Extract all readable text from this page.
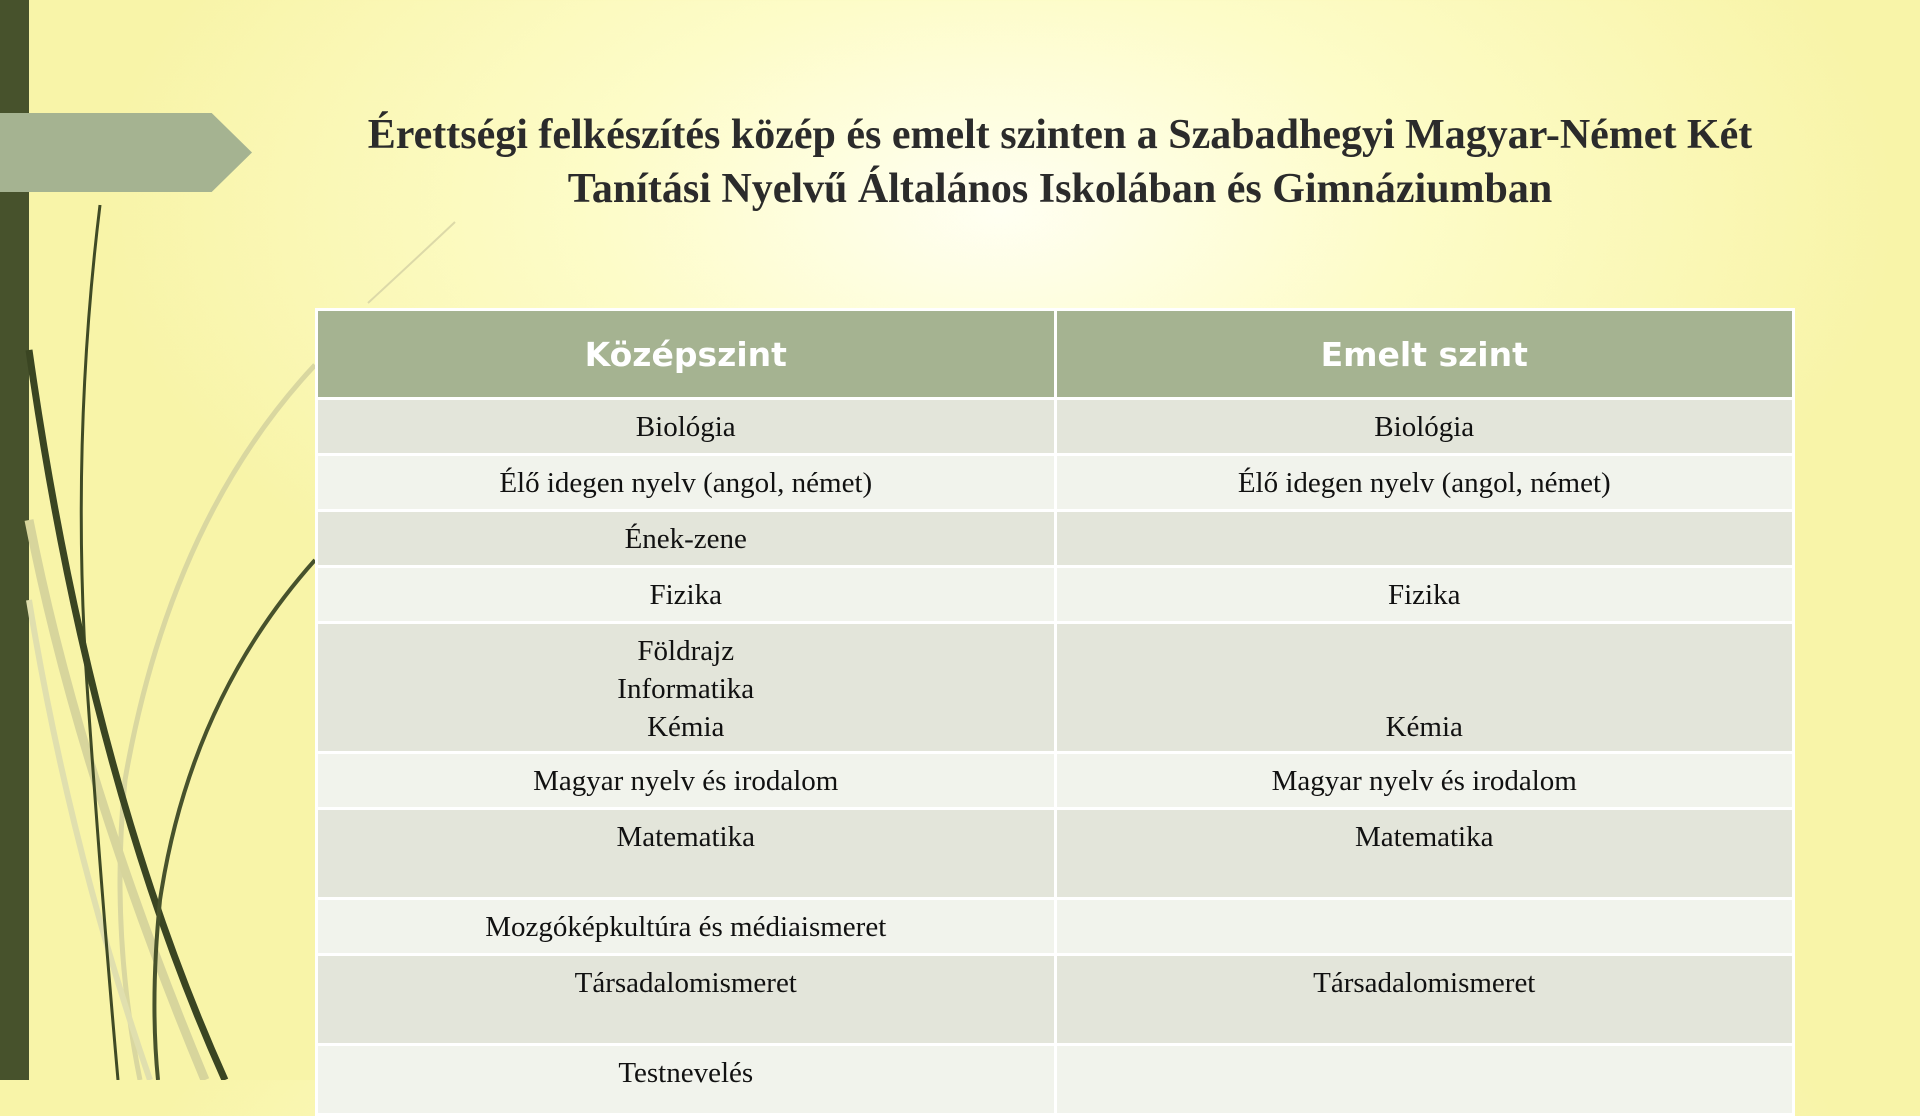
Érettségi felkészítés közép és emelt szinten a Szabadhegyi Magyar-Német Két Tanítási Nyelvű Általános Iskolában és Gimnáziumban
Középszint	Emelt szint

Biológia	Biológia

Élő idegen nyelv (angol, német)	Élő idegen nyelv (angol, német)

Ének-zene	

Fizika	Fizika

Földrajz
Informatika
Kémia	Kémia

Magyar nyelv és irodalom	Magyar nyelv és irodalom

Matematika	Matematika

Mozgóképkultúra és médiaismeret	

Társadalomismeret	Társadalomismeret

Testnevelés	
